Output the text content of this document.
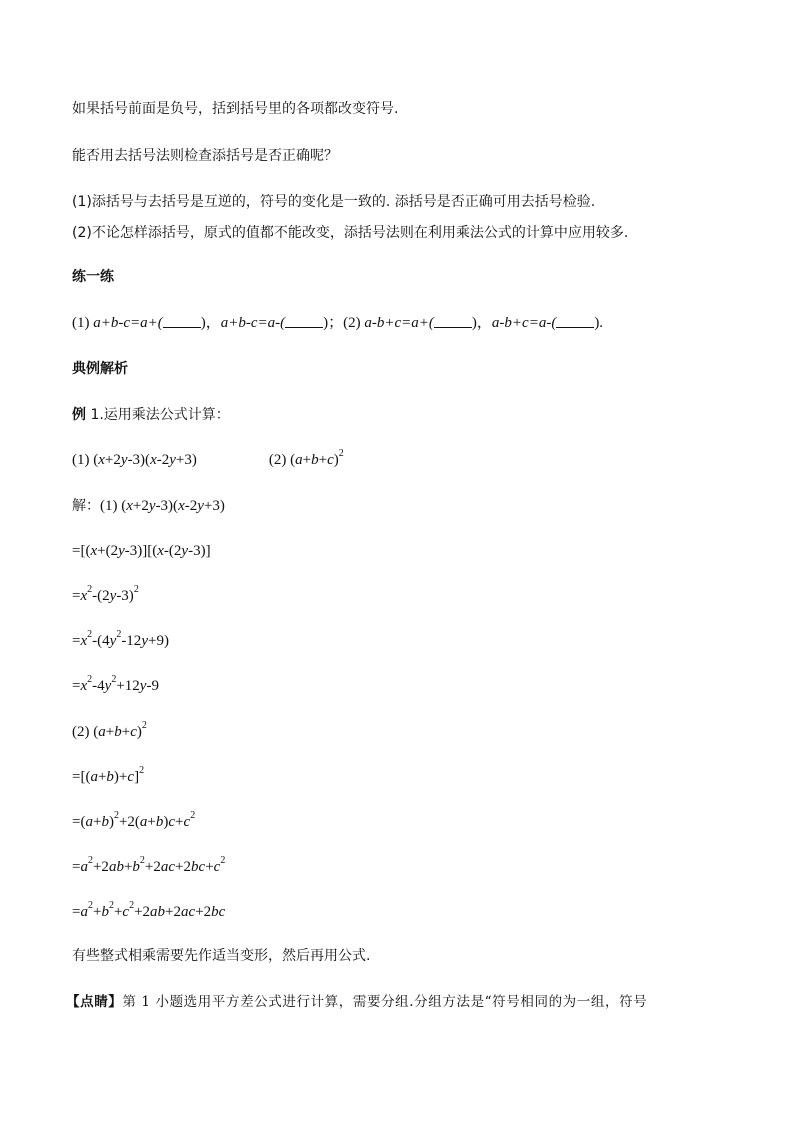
如果括号前面是负号，括到括号里的各项都改变符号.
能否用去括号法则检查添括号是否正确呢？
(1)添括号与去括号是互逆的，符号的变化是一致的. 添括号是否正确可用去括号检验.
(2)不论怎样添括号，原式的值都不能改变，添括号法则在利用乘法公式的计算中应用较多.
练一练
(1) a+b-c=a+(	)，a+b-c=a-(	)；(2) a-b+c=a+(	)，a-b+c=a-(	).
典例解析
例 1.运用乘法公式计算：
(1) (x+2y-3)(x-2y+3)	(2) $(a+b+c)^2$
解：(1) (x+2y-3)(x-2y+3)
=[(x+(2y-3)][(x-(2y-3)]
$=x^2-(2y-3)^2$
$=x^2-(4y^2-12y+9)$
$=x^2-4y^2+12y-9$
(2) $(a+b+c)^2$
$=[(a+b)+c]^2$
$=(a+b)^2+2(a+b)c+c^2$
$=a^2+2ab+b^2+2ac+2bc+c^2$
$=a^2+b^2+c^2+2ab+2ac+2bc$
有些整式相乘需要先作适当变形，然后再用公式.
【点睛】第 1 小题选用平方差公式进行计算，需要分组.分组方法是“符号相同的为一组，符号
